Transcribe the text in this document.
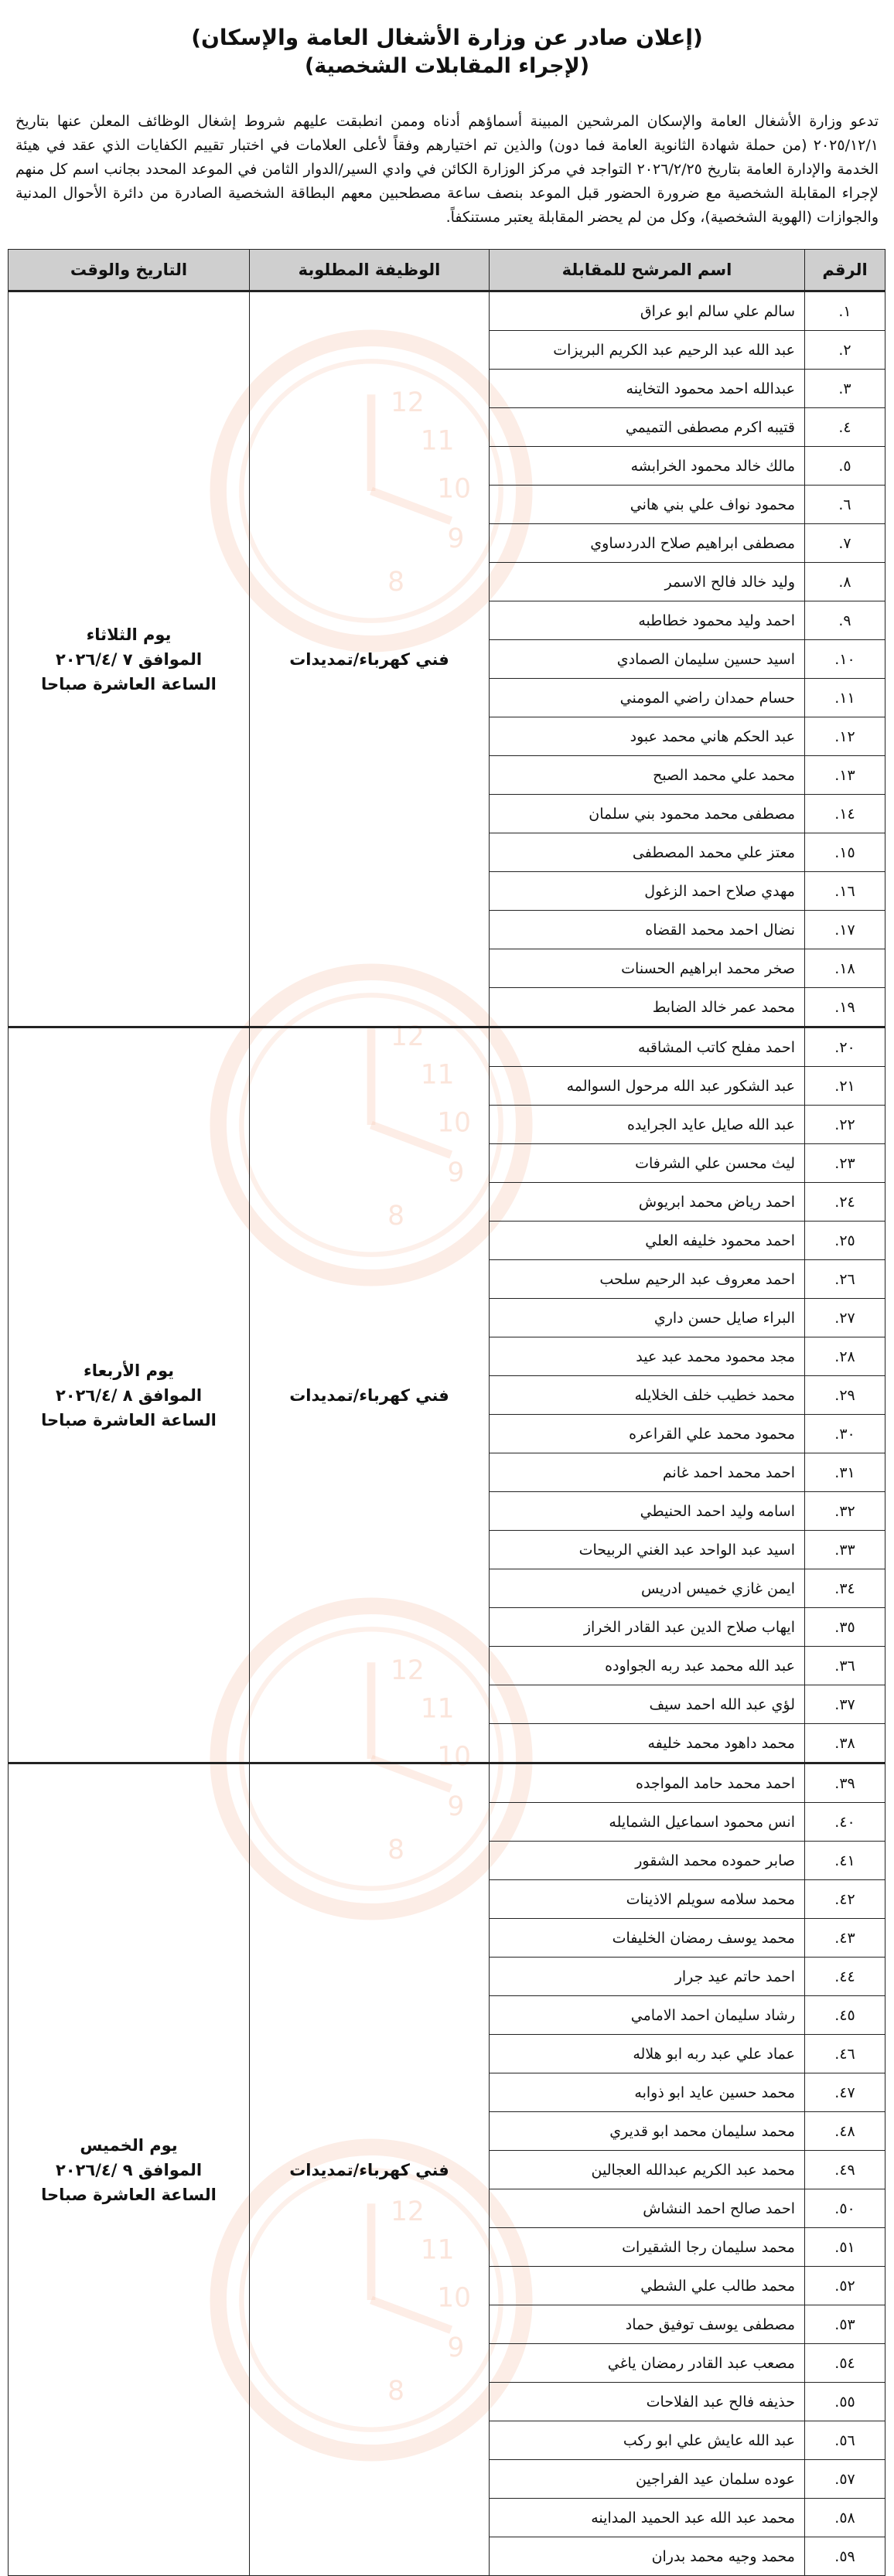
12
11
10
9
8
12
11
10
9
8
12
11
10
9
8
12
11
10
9
8
(إعلان صادر عن وزارة الأشغال العامة والإسكان)
(لإجراء المقابلات الشخصية)
تدعو وزارة الأشغال العامة والإسكان المرشحين المبينة أسماؤهم أدناه وممن انطبقت عليهم شروط إشغال الوظائف المعلن عنها بتاريخ ٢٠٢٥/١٢/١ (من حملة شهادة الثانوية العامة فما دون) والذين تم اختيارهم وفقاً لأعلى العلامات في اختبار تقييم الكفايات الذي عقد في هيئة الخدمة والإدارة العامة بتاريخ ٢٠٢٦/٢/٢٥ التواجد في مركز الوزارة الكائن في وادي السير/الدوار الثامن في الموعد المحدد بجانب اسم كل منهم لإجراء المقابلة الشخصية مع ضرورة الحضور قبل الموعد بنصف ساعة مصطحبين معهم البطاقة الشخصية الصادرة من دائرة الأحوال المدنية والجوازات (الهوية الشخصية)، وكل من لم يحضر المقابلة يعتبر مستنكفاً.
الرقم	اسم المرشح للمقابلة	الوظيفة المطلوبة	التاريخ والوقت
١.	سالم علي سالم ابو عراق	فني كهرباء/تمديدات	يوم الثلاثاء
الموافق ٧ /٢٠٢٦/٤
الساعة العاشرة صباحا

٢.	عبد الله عبد الرحيم عبد الكريم البريزات		
٣.	عبدالله احمد محمود التخاينه		
٤.	قتيبه اكرم مصطفى التميمي		
٥.	مالك خالد محمود الخرابشه		
٦.	محمود نواف علي بني هاني		
٧.	مصطفى ابراهيم صلاح الدردساوي		
٨.	وليد خالد فالح الاسمر		
٩.	احمد وليد محمود خطاطبه		
١٠.	اسيد حسين سليمان الصمادي		
١١.	حسام حمدان راضي المومني		
١٢.	عبد الحكم هاني محمد عبود		
١٣.	محمد علي محمد الصبح		
١٤.	مصطفى محمد محمود بني سلمان		
١٥.	معتز علي محمد المصطفى		
١٦.	مهدي صلاح احمد الزغول		
١٧.	نضال احمد محمد القضاه		
١٨.	صخر محمد ابراهيم الحسنات		
١٩.	محمد عمر خالد الضابط		
٢٠.	احمد مفلح كاتب المشاقبه	فني كهرباء/تمديدات	يوم الأربعاء
الموافق ٨ /٢٠٢٦/٤
الساعة العاشرة صباحا

٢١.	عبد الشكور عبد الله مرحول السوالمه		
٢٢.	عبد الله صايل عايد الجرايده		
٢٣.	ليث محسن علي الشرفات		
٢٤.	احمد رياض محمد ابريوش		
٢٥.	احمد محمود خليفه العلي		
٢٦.	احمد معروف عبد الرحيم سلحب		
٢٧.	البراء صايل حسن داري		
٢٨.	مجد محمود محمد عبد عيد		
٢٩.	محمد خطيب خلف الخلايله		
٣٠.	محمود محمد علي القراعره		
٣١.	احمد محمد احمد غانم		
٣٢.	اسامه وليد احمد الحنيطي		
٣٣.	اسيد عبد الواحد عبد الغني الربيحات		
٣٤.	ايمن غازي خميس ادريس		
٣٥.	ايهاب صلاح الدين عبد القادر الخراز		
٣٦.	عبد الله محمد عبد ربه الجواوده		
٣٧.	لؤي عبد الله احمد سيف		
٣٨.	محمد داهود محمد خليفه		
٣٩.	احمد محمد حامد المواجده	فني كهرباء/تمديدات	يوم الخميس
الموافق ٩ /٢٠٢٦/٤
الساعة العاشرة صباحا

٤٠.	انس محمود اسماعيل الشمايله		
٤١.	صابر حموده محمد الشقور		
٤٢.	محمد سلامه سويلم الاذينات		
٤٣.	محمد يوسف رمضان الخليفات		
٤٤.	احمد حاتم عيد جرار		
٤٥.	رشاد سليمان احمد الامامي		
٤٦.	عماد علي عبد ربه ابو هلاله		
٤٧.	محمد حسين عايد ابو ذوابه		
٤٨.	محمد سليمان محمد ابو قديري		
٤٩.	محمد عبد الكريم عبدالله العجالين		
٥٠.	احمد صالح احمد النشاش		
٥١.	محمد سليمان رجا الشقيرات		
٥٢.	محمد طالب علي الشطي		
٥٣.	مصطفى يوسف توفيق حماد		
٥٤.	مصعب عبد القادر رمضان ياغي		
٥٥.	حذيفه فالح عبد الفلاحات		
٥٦.	عبد الله عايش علي ابو ركب		
٥٧.	عوده سلمان عيد الفراجين		
٥٨.	محمد عبد الله عبد الحميد المداينه		
٥٩.	محمد وجيه محمد بدران		
